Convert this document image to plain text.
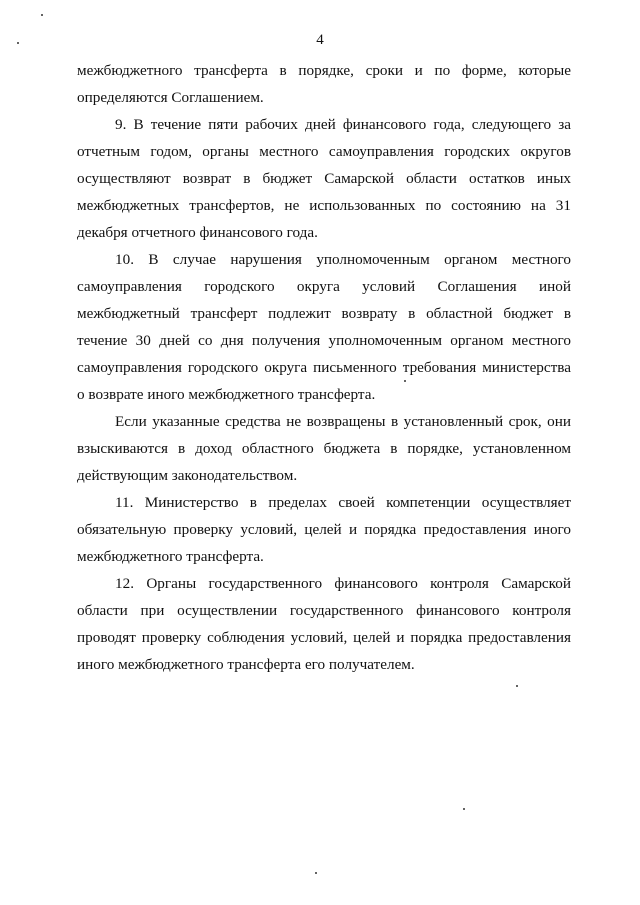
4

межбюджетного трансферта в порядке, сроки и по форме, которые определяются Соглашением.

9. В течение пяти рабочих дней финансового года, следующего за отчетным годом, органы местного самоуправления городских округов осуществляют возврат в бюджет Самарской области остатков иных межбюджетных трансфертов, не использованных по состоянию на 31 декабря отчетного финансового года.

10. В случае нарушения уполномоченным органом местного самоуправления городского округа условий Соглашения иной межбюджетный трансферт подлежит возврату в областной бюджет в течение 30 дней со дня получения уполномоченным органом местного самоуправления городского округа письменного требования министерства о возврате иного межбюджетного трансферта.

Если указанные средства не возвращены в установленный срок, они взыскиваются в доход областного бюджета в порядке, установленном действующим законодательством.

11. Министерство в пределах своей компетенции осуществляет обязательную проверку условий, целей и порядка предоставления иного межбюджетного трансферта.

12. Органы государственного финансового контроля Самарской области при осуществлении государственного финансового контроля проводят проверку соблюдения условий, целей и порядка предоставления иного межбюджетного трансферта его получателем.
